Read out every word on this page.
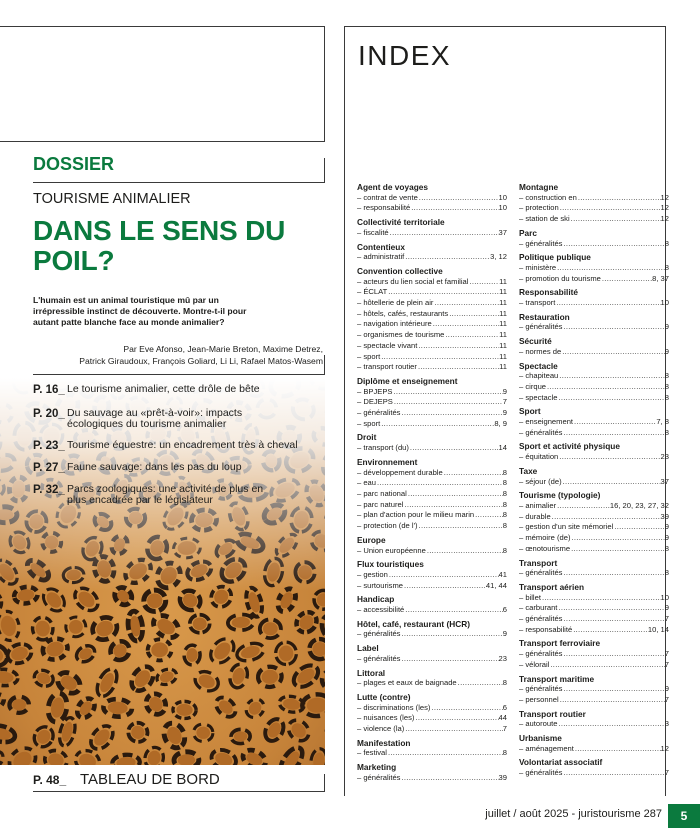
DOSSIER
TOURISME ANIMALIER
DANS LE SENS DU POIL?
L'humain est un animal touristique mû par un irrépressible instinct de découverte. Montre-t-il pour autant patte blanche face au monde animalier?
Par Eve Afonso, Jean-Marie Breton, Maxime Detrez,
Patrick Giraudoux, François Goliard, Li Li, Rafael Matos-Wasem
P. 16_ Le tourisme animalier, cette drôle de bête
P. 20_ Du sauvage au «prêt-à-voir»: impacts écologiques du tourisme animalier
P. 23_ Tourisme équestre: un encadrement très à cheval
P. 27_ Faune sauvage: dans les pas du loup
P. 32_ Parcs zoologiques: une activité de plus en plus encadrée par le législateur
P. 48_ TABLEAU DE BORD
INDEX
Agent de voyages
– contrat de vente .....	10
– responsabilité .....	10
Collectivité territoriale
– fiscalité .....	37
Contentieux
– administratif .....	3, 12
Convention collective
– acteurs du lien social et familial .....	11
– ÉCLAT .....	11
– hôtellerie de plein air .....	11
– hôtels, cafés, restaurants .....	11
– navigation intérieure .....	11
– organismes de tourisme .....	11
– spectacle vivant .....	11
– sport .....	11
– transport routier .....	11
Diplôme et enseignement
– BPJEPS .....	9
– DEJEPS .....	7
– généralités .....	9
– sport .....	8, 9
Droit
– transport (du) .....	14
Environnement
– développement durable .....	8
– eau .....	8
– parc national .....	8
– parc naturel .....	8
– plan d'action pour le milieu marin .....	8
– protection (de l') .....	8
Europe
– Union européenne .....	8
Flux touristiques
– gestion .....	41
– surtourisme .....	41, 44
Handicap
– accessibilité .....	6
Hôtel, café, restaurant (HCR)
– généralités .....	9
Label
– généralités .....	23
Littoral
– plages et eaux de baignade .....	8
Lutte (contre)
– discriminations (les) .....	6
– nuisances (les) .....	44
– violence (la) .....	7
Manifestation
– festival .....	8
Marketing
– généralités .....	39
Montagne
– construction en .....	12
– protection .....	12
– station de ski .....	12
Parc
– généralités .....	8
Politique publique
– ministère .....	8
– promotion du tourisme .....	8, 37
Responsabilité
– transport .....	10
Restauration
– généralités .....	9
Sécurité
– normes de .....	9
Spectacle
– chapiteau .....	8
– cirque .....	8
– spectacle .....	8
Sport
– enseignement .....	7, 8
– généralités .....	8
Sport et activité physique
– équitation .....	23
Taxe
– séjour (de) .....	37
Tourisme (typologie)
– animalier .....	16, 20, 23, 27, 32
– durable .....	39
– gestion d'un site mémoriel .....	9
– mémoire (de) .....	9
– œnotourisme .....	8
Transport
– généralités .....	8
Transport aérien
– billet .....	10
– carburant .....	9
– généralités .....	7
– responsabilité .....	10, 14
Transport ferroviaire
– généralités .....	7
– vélorail .....	7
Transport maritime
– généralités .....	9
– personnel .....	7
Transport routier
– autoroute .....	3
Urbanisme
– aménagement .....	12
Volontariat associatif
– généralités .....	7
juillet / août 2025 - juristourisme 287	5
